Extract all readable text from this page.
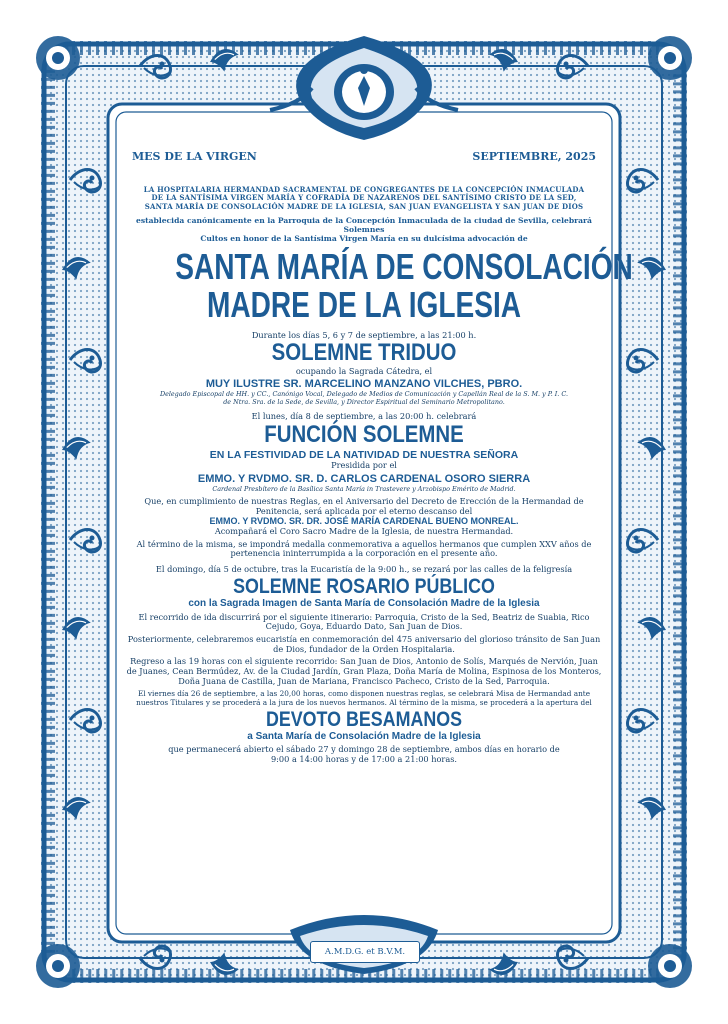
A.M.D.G. et B.V.M.
MES DE LA VIRGEN	SEPTIEMBRE, 2025

LA HOSPITALARIA HERMANDAD SACRAMENTAL DE CONGREGANTES DE LA CONCEPCIÓN INMACULADA

DE LA SANTÍSIMA VIRGEN MARÍA Y COFRADÍA DE NAZARENOS DEL SANTÍSIMO CRISTO DE LA SED,

SANTA MARÍA DE CONSOLACIÓN MADRE DE LA IGLESIA, SAN JUAN EVANGELISTA Y SAN JUAN DE DIOS

establecida canónicamente en la Parroquia de la Concepción Inmaculada de la ciudad de Sevilla, celebrará Solemnes

Cultos en honor de la Santísima Virgen María en su dulcísima advocación de

SANTA MARÍA DE CONSOLACIÓN
MADRE DE LA IGLESIA

Durante los días 5, 6 y 7 de septiembre, a las 21:00 h.

SOLEMNE TRIDUO

ocupando la Sagrada Cátedra, el

MUY ILUSTRE SR. MARCELINO MANZANO VILCHES, PBRO.

Delegado Episcopal de HH. y CC., Canónigo Vocal, Delegado de Medios de Comunicación y Capellán Real de la S. M. y P. I. C.

de Ntra. Sra. de la Sede, de Sevilla, y Director Espiritual del Seminario Metropolitano.

El lunes, día 8 de septiembre, a las 20:00 h. celebrará

FUNCIÓN SOLEMNE

EN LA FESTIVIDAD DE LA NATIVIDAD DE NUESTRA SEÑORA

Presidida por el

EMMO. Y RVDMO. SR. D. CARLOS CARDENAL OSORO SIERRA

Cardenal Presbítero de la Basílica Santa María in Trastevere y Arzobispo Emérito de Madrid.

Que, en cumplimiento de nuestras Reglas, en el Aniversario del Decreto de Erección de la Hermandad de

Penitencia, será aplicada por el eterno descanso del

EMMO. Y RVDMO. SR. DR. JOSÉ MARÍA CARDENAL BUENO MONREAL.

Acompañará el Coro Sacro Madre de la Iglesia, de nuestra Hermandad.

Al término de la misma, se impondrá medalla conmemorativa a aquellos hermanos que cumplen XXV años de

pertenencia ininterrumpida a la corporación en el presente año.

El domingo, día 5 de octubre, tras la Eucaristía de la 9:00 h., se rezará por las calles de la feligresía

SOLEMNE ROSARIO PÚBLICO

con la Sagrada Imagen de Santa María de Consolación Madre de la Iglesia

El recorrido de ida discurrirá por el siguiente itinerario: Parroquia, Cristo de la Sed, Beatriz de Suabia, Rico

Cejudo, Goya, Eduardo Dato, San Juan de Dios.

Posteriormente, celebraremos eucaristía en conmemoración del 475 aniversario del glorioso tránsito de San Juan

de Dios, fundador de la Orden Hospitalaria.

Regreso a las 19 horas con el siguiente recorrido: San Juan de Dios, Antonio de Solís, Marqués de Nervión, Juan

de Juanes, Cean Bermúdez, Av. de la Ciudad Jardín, Gran Plaza, Doña María de Molina, Espinosa de los Monteros,

Doña Juana de Castilla, Juan de Mariana, Francisco Pacheco, Cristo de la Sed, Parroquia.

El viernes día 26 de septiembre, a las 20,00 horas, como disponen nuestras reglas, se celebrará Misa de Hermandad ante

nuestros Titulares y se procederá a la jura de los nuevos hermanos. Al término de la misma, se procederá a la apertura del

DEVOTO BESAMANOS

a Santa María de Consolación Madre de la Iglesia

que permanecerá abierto el sábado 27 y domingo 28 de septiembre, ambos días en horario de

9:00 a 14:00 horas y de 17:00 a 21:00 horas.
